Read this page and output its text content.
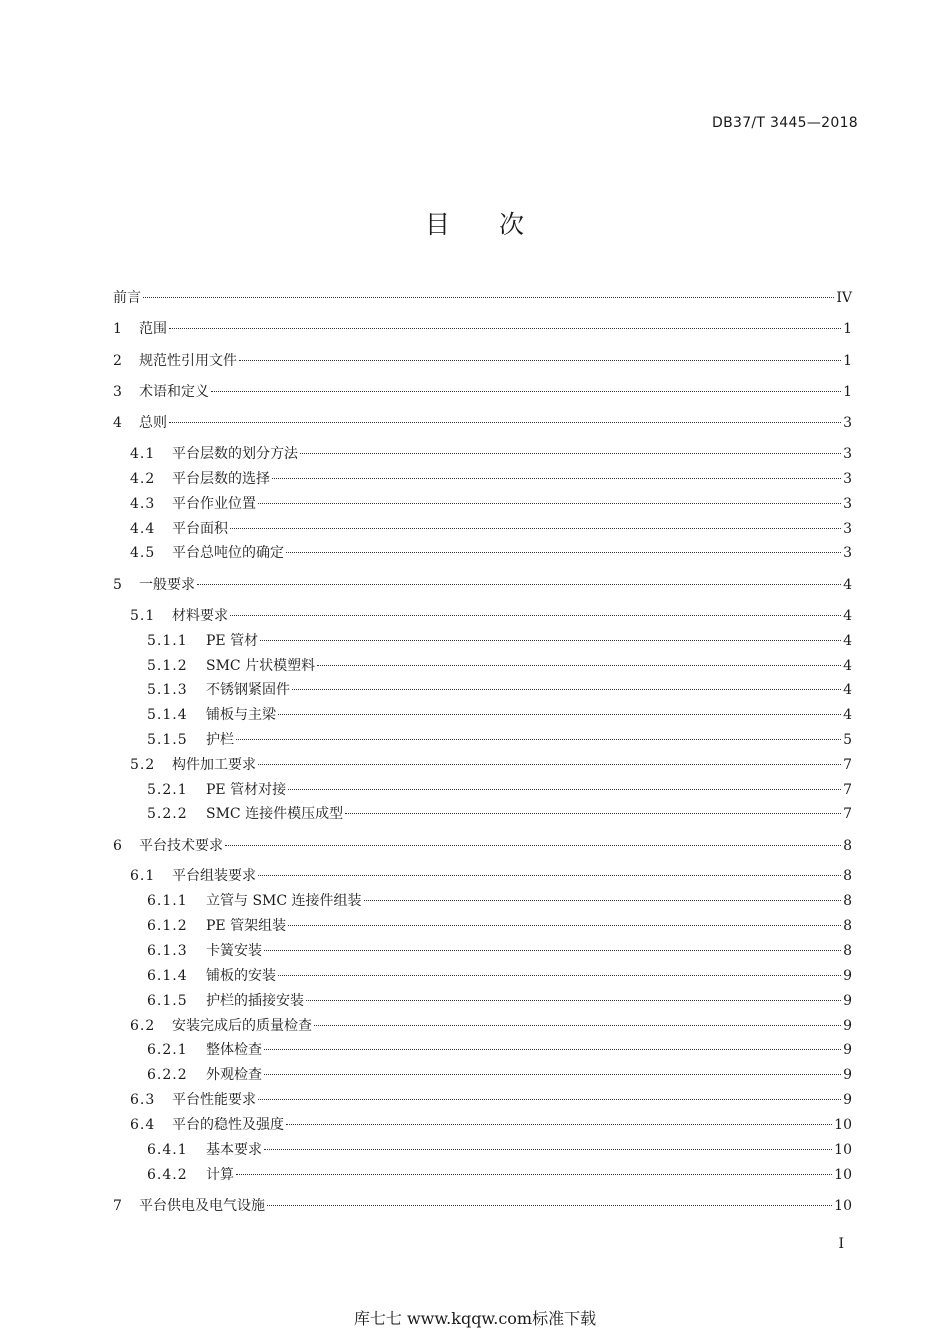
DB37/T 3445—2018
目 次
前言	IV
1	范围	1
2	规范性引用文件	1
3	术语和定义	1
4	总则	3
4.1	平台层数的划分方法	3
4.2	平台层数的选择	3
4.3	平台作业位置	3
4.4	平台面积	3
4.5	平台总吨位的确定	3
5	一般要求	4
5.1	材料要求	4
5.1.1	PE 管材	4
5.1.2	SMC 片状模塑料	4
5.1.3	不锈钢紧固件	4
5.1.4	铺板与主梁	4
5.1.5	护栏	5
5.2	构件加工要求	7
5.2.1	PE 管材对接	7
5.2.2	SMC 连接件模压成型	7
6	平台技术要求	8
6.1	平台组装要求	8
6.1.1	立管与 SMC 连接件组装	8
6.1.2	PE 管架组装	8
6.1.3	卡簧安装	8
6.1.4	铺板的安装	9
6.1.5	护栏的插接安装	9
6.2	安装完成后的质量检查	9
6.2.1	整体检查	9
6.2.2	外观检查	9
6.3	平台性能要求	9
6.4	平台的稳性及强度	10
6.4.1	基本要求	10
6.4.2	计算	10
7	平台供电及电气设施	10
I
库七七 www.kqqw.com标准下载
